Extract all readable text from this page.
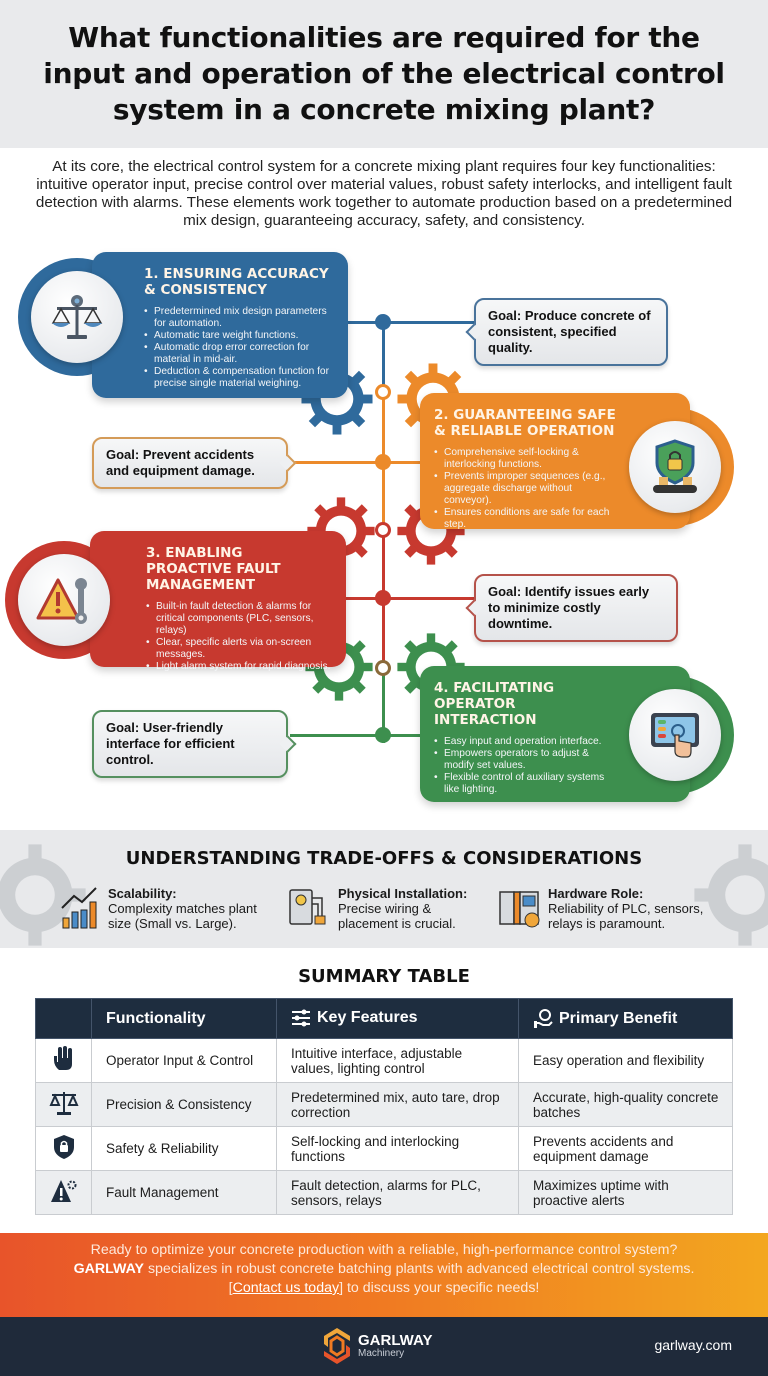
What functionalities are required for the input and operation of the electrical control system in a concrete mixing plant?

At its core, the electrical control system for a concrete mixing plant requires four key functionalities: intuitive operator input, precise control over material values, robust safety interlocks, and intelligent fault detection with alarms. These elements work together to automate production based on a predetermined mix design, guaranteeing accuracy, safety, and consistency.

1. ENSURING ACCURACY & CONSISTENCY
• Predetermined mix design parameters for automation.
• Automatic tare weight functions.
• Automatic drop error correction for material in mid-air.
• Deduction & compensation function for precise single material weighing.
Goal: Produce concrete of consistent, specified quality.
2. GUARANTEEING SAFE & RELIABLE OPERATION
• Comprehensive self-locking & interlocking functions.
• Prevents improper sequences (e.g., aggregate discharge without conveyor).
• Ensures conditions are safe for each step.
Goal: Prevent accidents and equipment damage.
3. ENABLING PROACTIVE FAULT MANAGEMENT
• Built-in fault detection & alarms for critical components (PLC, sensors, relays)
• Clear, specific alerts via on-screen messages.
• Light alarm system for rapid diagnosis.
Goal: Identify issues early to minimize costly downtime.
4. FACILITATING OPERATOR INTERACTION
• Easy input and operation interface.
• Empowers operators to adjust & modify set values.
• Flexible control of auxiliary systems like lighting.
Goal: User-friendly interface for efficient control.
UNDERSTANDING TRADE-OFFS & CONSIDERATIONS
Scalability:
Complexity matches plant size (Small vs. Large).
Physical Installation:
Precise wiring & placement is crucial.
Hardware Role:
Reliability of PLC, sensors, relays is paramount.
SUMMARY TABLE
	Functionality	Key Features	Primary Benefit
	Operator Input & Control	Intuitive interface, adjustable values, lighting control	Easy operation and flexibility
	Precision & Consistency	Predetermined mix, auto tare, drop correction	Accurate, high-quality concrete batches
	Safety & Reliability	Self-locking and interlocking functions	Prevents accidents and equipment damage
	Fault Management	Fault detection, alarms for PLC, sensors, relays	Maximizes uptime with proactive alerts
Ready to optimize your concrete production with a reliable, high-performance control system?
GARLWAY specializes in robust concrete batching plants with advanced electrical control systems.
[Contact us today] to discuss your specific needs!
GARLWAY
Machinery
garlway.com
